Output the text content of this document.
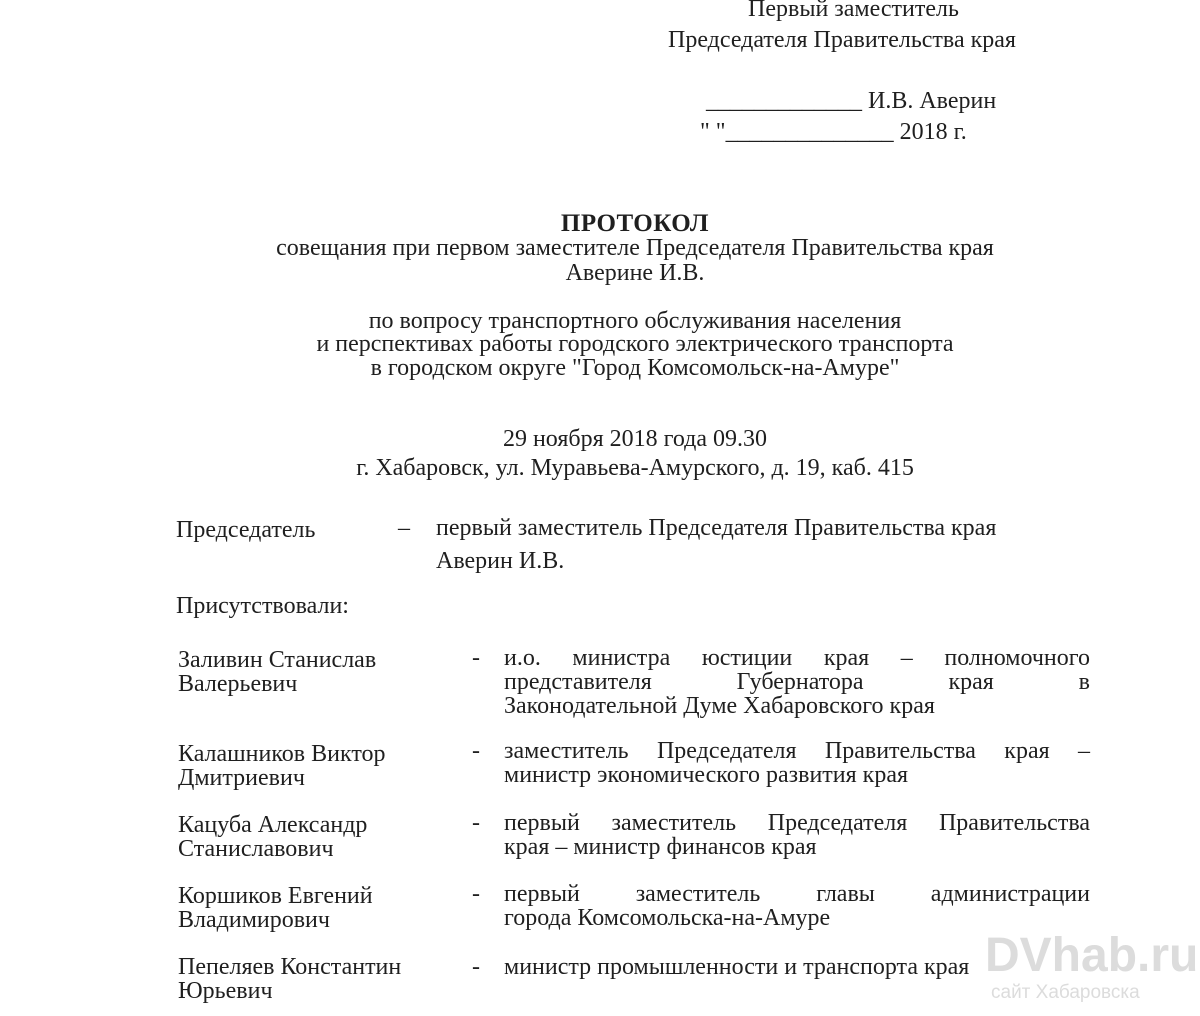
Первый заместитель
Председателя Правительства края
_____________ И.В. Аверин
" "______________ 2018 г.
ПРОТОКОЛ
совещания при первом заместителе Председателя Правительства края
Аверине И.В.
по вопросу транспортного обслуживания населения
и перспективах работы городского электрического транспорта
в городском округе "Город Комсомольск-на-Амуре"
29 ноября 2018 года 09.30
г. Хабаровск, ул. Муравьева-Амурского, д. 19, каб. 415
Председатель	– первый заместитель Председателя Правительства края
Аверин И.В.
Присутствовали:
Заливин Станислав
Валерьевич
- и.о. министра юстиции края – полномочного
представителя Губернатора края в
Законодательной Думе Хабаровского края
Калашников Виктор
Дмитриевич
- заместитель Председателя Правительства края –
министр экономического развития края
Кацуба Александр
Станиславович
- первый заместитель Председателя Правительства
края – министр финансов края
Коршиков Евгений
Владимирович
- первый заместитель главы администрации
города Комсомольска-на-Амуре
Пепеляев Константин
Юрьевич
- министр промышленности и транспорта края DVhab.ru
сайт Хабаровска
